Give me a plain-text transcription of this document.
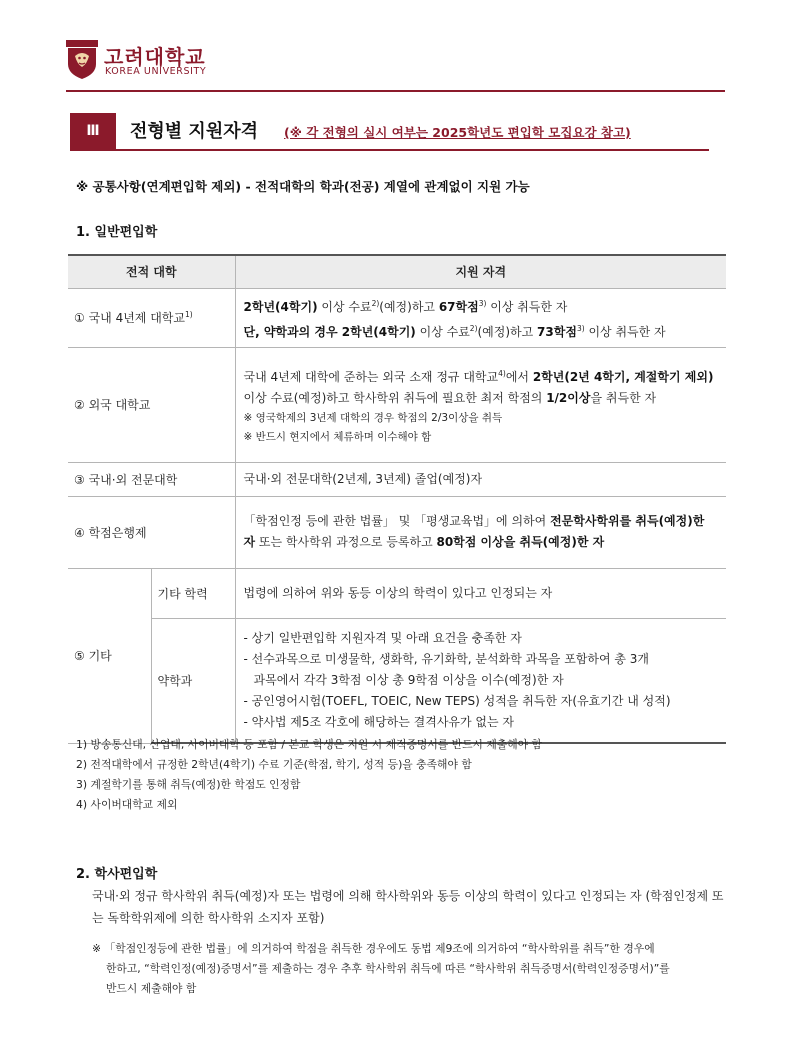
고려대학교
KOREA UNIVERSITY
Ⅲ	전형별 지원자격 (※ 각 전형의 실시 여부는 2025학년도 편입학 모집요강 참고)
※ 공통사항(연계편입학 제외) - 전적대학의 학과(전공) 계열에 관계없이 지원 가능
1. 일반편입학
전적 대학		지원 자격
① 국내 4년제 대학교$^{1)}$		2학년(4학기) 이상 수료$^{2)}$(예정)하고 67학점$^{3)}$ 이상 취득한 자
단, 약학과의 경우 2학년(4학기) 이상 수료$^{2)}$(예정)하고 73학점$^{3)}$ 이상 취득한 자

② 외국 대학교		국내 4년제 대학에 준하는 외국 소재 정규 대학교$^{4)}$에서 2학년(2년 4학기, 계절학기 제외) 이상 수료(예정)하고 학사학위 취득에 필요한 최저 학점의 1/2이상을 취득한 자
※ 영국학제의 3년제 대학의 경우 학점의 2/3이상을 취득
※ 반드시 현지에서 체류하며 이수해야 함

③ 국내·외 전문대학		국내·외 전문대학(2년제, 3년제) 졸업(예정)자
④ 학점은행제		「학점인정 등에 관한 법률」 및 「평생교육법」에 의하여 전문학사학위를 취득(예정)한 자 또는 학사학위 과정으로 등록하고 80학점 이상을 취득(예정)한 자
⑤ 기타	기타 학력	법령에 의하여 위와 동등 이상의 학력이 있다고 인정되는 자
	약학과	- 상기 일반편입학 지원자격 및 아래 요건을 충족한 자
- 선수과목으로 미생물학, 생화학, 유기화학, 분석화학 과목을 포함하여 총 3개
과목에서 각각 3학점 이상 총 9학점 이상을 이수(예정)한 자
- 공인영어시험(TOEFL, TOEIC, New TEPS) 성적을 취득한 자(유효기간 내 성적)
- 약사법 제5조 각호에 해당하는 결격사유가 없는 자
1) 방송통신대, 산업대, 사이버대학 등 포함 / 본교 학생은 지원 시 제적증명서를 반드시 제출해야 함
2) 전적대학에서 규정한 2학년(4학기) 수료 기준(학점, 학기, 성적 등)을 충족해야 함
3) 계절학기를 통해 취득(예정)한 학점도 인정함
4) 사이버대학교 제외
2. 학사편입학
국내·외 정규 학사학위 취득(예정)자 또는 법령에 의해 학사학위와 동등 이상의 학력이 있다고 인정되는 자 (학점인정제 또는 독학학위제에 의한 학사학위 소지자 포함)
※ 「학점인정등에 관한 법률」에 의거하여 학점을 취득한 경우에도 동법 제9조에 의거하여 “학사학위를 취득”한 경우에
한하고, “학력인정(예정)증명서”를 제출하는 경우 추후 학사학위 취득에 따른 “학사학위 취득증명서(학력인정증명서)”를
반드시 제출해야 함
